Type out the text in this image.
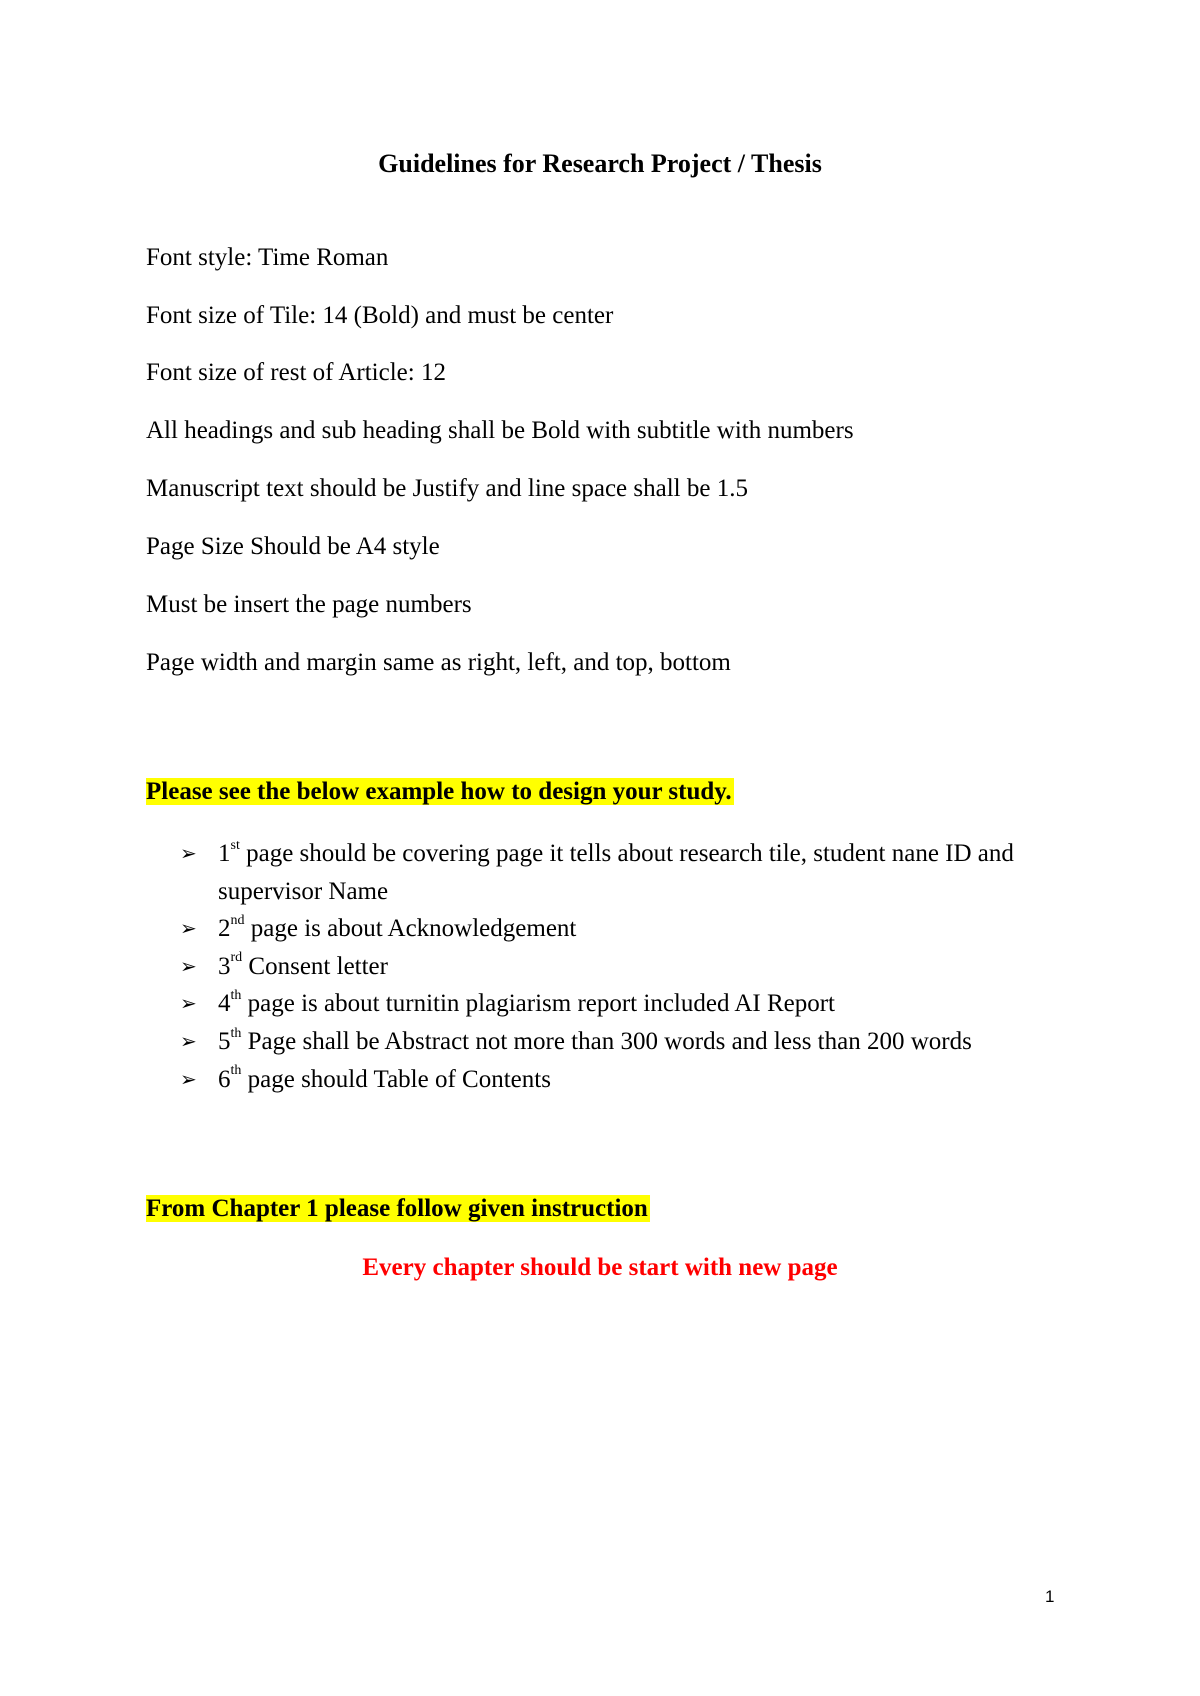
Guidelines for Research Project / Thesis
Font style: Time Roman
Font size of Tile: 14 (Bold) and must be center
Font size of rest of Article: 12
All headings and sub heading shall be Bold with subtitle with numbers
Manuscript text should be Justify and line space shall be 1.5
Page Size Should be A4 style
Must be insert the page numbers
Page width and margin same as right, left, and top, bottom
Please see the below example how to design your study.
➢ 1st page should be covering page it tells about research tile, student nane ID and supervisor Name
➢ 2nd page is about Acknowledgement
➢ 3rd Consent letter
➢ 4th page is about turnitin plagiarism report included AI Report
➢ 5th Page shall be Abstract not more than 300 words and less than 200 words
➢ 6th page should Table of Contents
From Chapter 1 please follow given instruction
Every chapter should be start with new page
1
